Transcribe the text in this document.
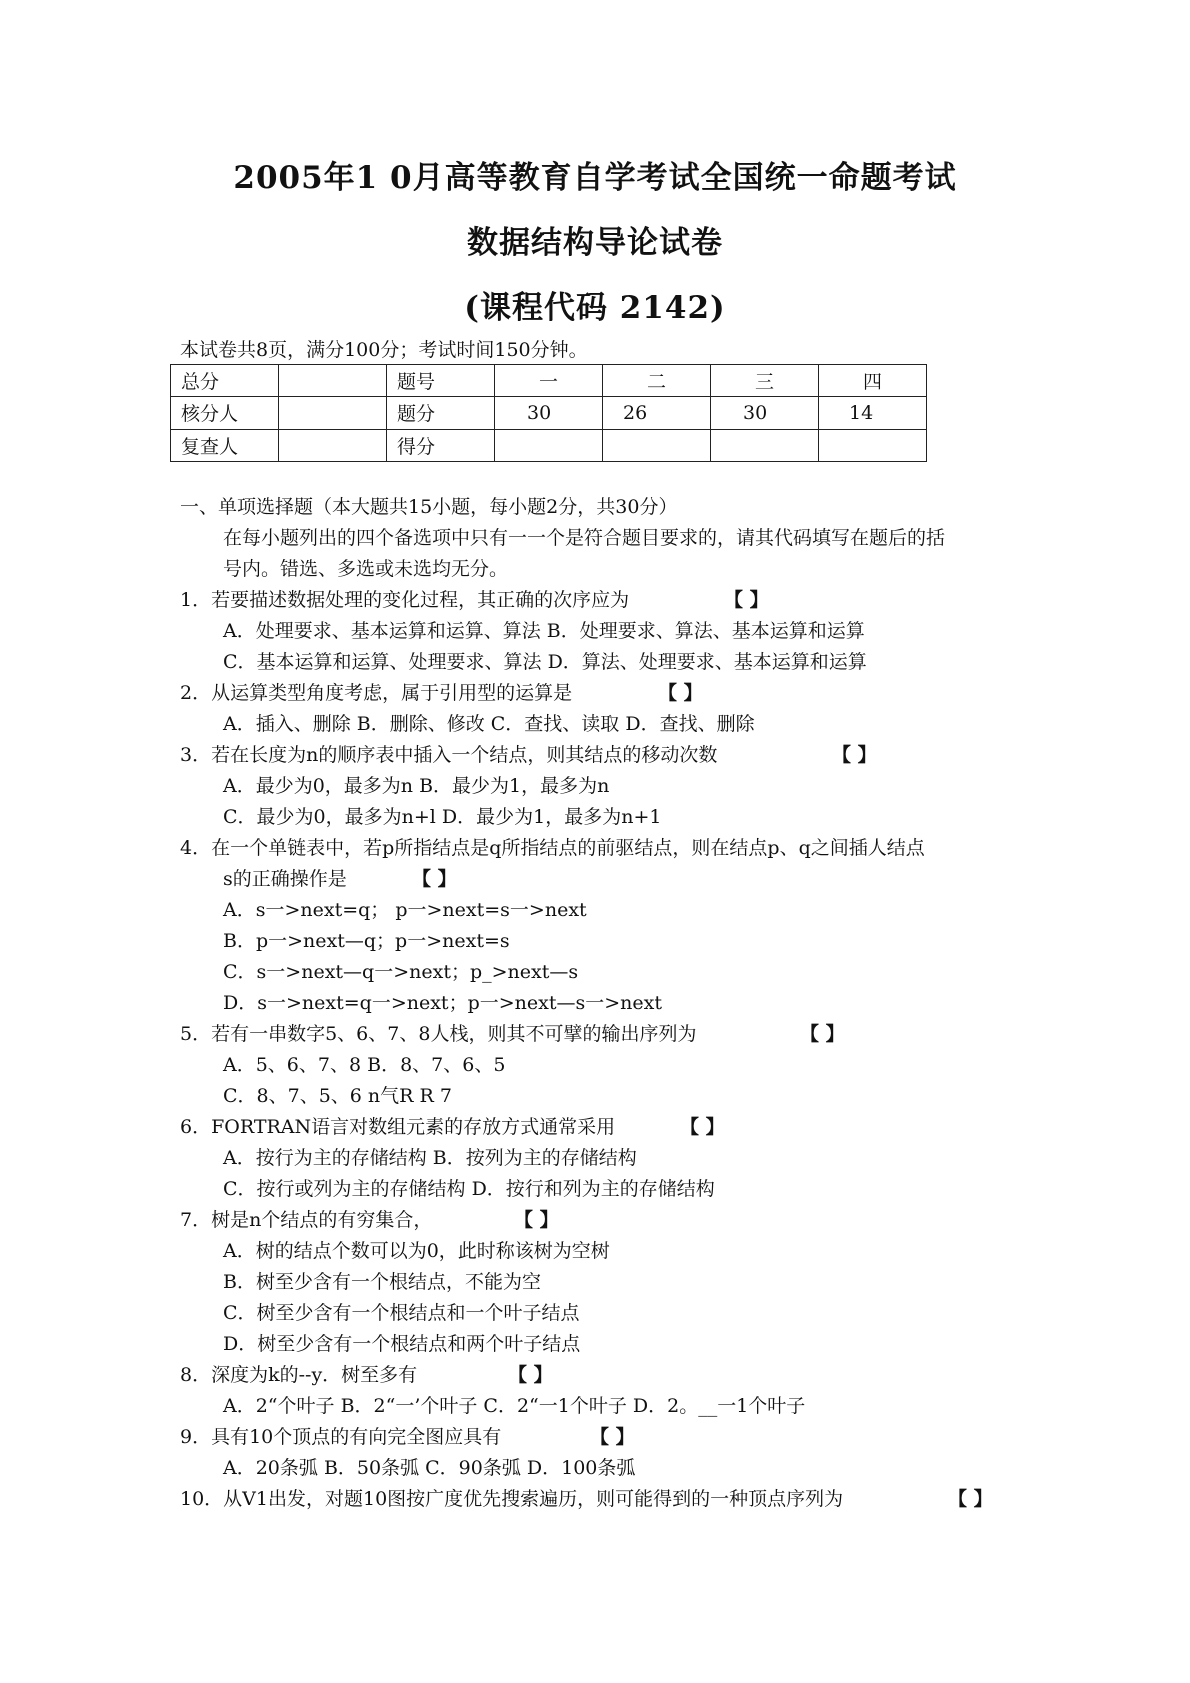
2005年1 0月高等教育自学考试全国统一命题考试
数据结构导论试卷
(课程代码 2142)
本试卷共8页，满分100分；考试时间150分钟。
总分		题号	一	二	三	四
核分人		题分	30	26	30	14
复查人		得分				
一、单项选择题（本大题共15小题，每小题2分，共30分）
在每小题列出的四个备选项中只有一一个是符合题目要求的，请其代码填写在题后的括
号内。错选、多选或未选均无分。
1．若要描述数据处理的变化过程，其正确的次序应为	【 】
A．处理要求、基本运算和运算、算法 B．处理要求、算法、基本运算和运算
C．基本运算和运算、处理要求、算法 D．算法、处理要求、基本运算和运算
2．从运算类型角度考虑，属于引用型的运算是	【 】
A．插入、删除 B．删除、修改 C．查找、读取 D．查找、删除
3．若在长度为n的顺序表中插入一个结点，则其结点的移动次数	【 】
A．最少为0，最多为n B．最少为1，最多为n
C．最少为0，最多为n+l D．最少为1，最多为n+1
4．在一个单链表中，若p所指结点是q所指结点的前驱结点，则在结点p、q之间插人结点
s的正确操作是	【 】
A．s一>next=q； p一>next=s一>next
B．p一>next—q；p一>next=s
C．s一>next—q一>next；p_>next—s
D．s一>next=q一>next；p一>next—s一>next
5．若有一串数字5、6、7、8人栈，则其不可擘的输出序列为	【 】
A．5、6、7、8 B．8、7、6、5
C．8、7、5、6 n气R R 7
6．FORTRAN语言对数组元素的存放方式通常采用	【 】
A．按行为主的存储结构 B．按列为主的存储结构
C．按行或列为主的存储结构 D．按行和列为主的存储结构
7．树是n个结点的有穷集合，	【 】
A．树的结点个数可以为0，此时称该树为空树
B．树至少含有一个根结点，不能为空
C．树至少含有一个根结点和一个叶子结点
D．树至少含有一个根结点和两个叶子结点
8．深度为k的--y．树至多有	【 】
A．2“个叶子 B．2“一’个叶子 C．2“一1个叶子 D．2。__一1个叶子
9．具有10个顶点的有向完全图应具有	【 】
A．20条弧 B．50条弧 C．90条弧 D．100条弧
10．从V1出发，对题10图按广度优先搜索遍历，则可能得到的一种顶点序列为	【 】
